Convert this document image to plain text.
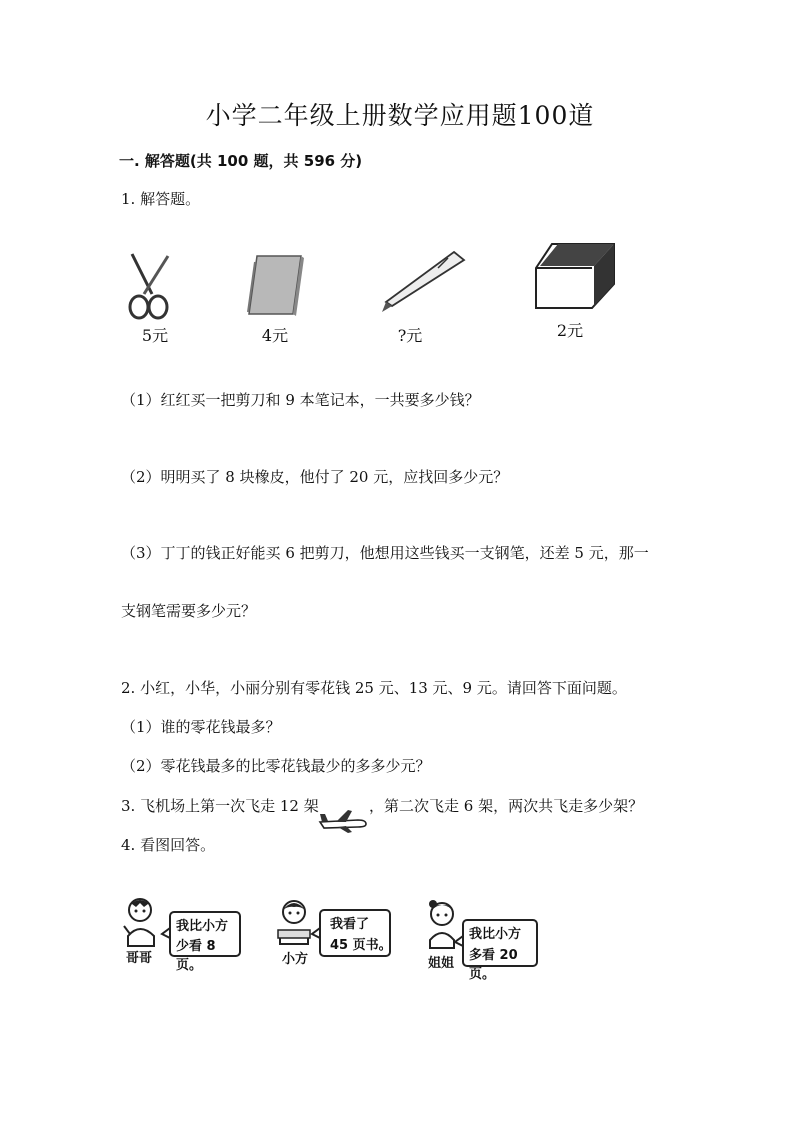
小学二年级上册数学应用题100道
一. 解答题(共 100 题，共 596 分)
1. 解答题。
5元	4元	?元	2元
（1）红红买一把剪刀和 9 本笔记本，一共要多少钱？
（2）明明买了 8 块橡皮，他付了 20 元，应找回多少元？
（3）丁丁的钱正好能买 6 把剪刀，他想用这些钱买一支钢笔，还差 5 元，那一
支钢笔需要多少元？
2. 小红，小华，小丽分别有零花钱 25 元、13 元、9 元。请回答下面问题。
（1）谁的零花钱最多？
（2）零花钱最多的比零花钱最少的多多少元？
3. 飞机场上第一次飞走 12 架	，第二次飞走 6 架，两次共飞走多少架？
4. 看图回答。
我比小方
少看 8 页。
哥哥
我看了
45 页书。
小方
我比小方
多看 20 页。
姐姐
